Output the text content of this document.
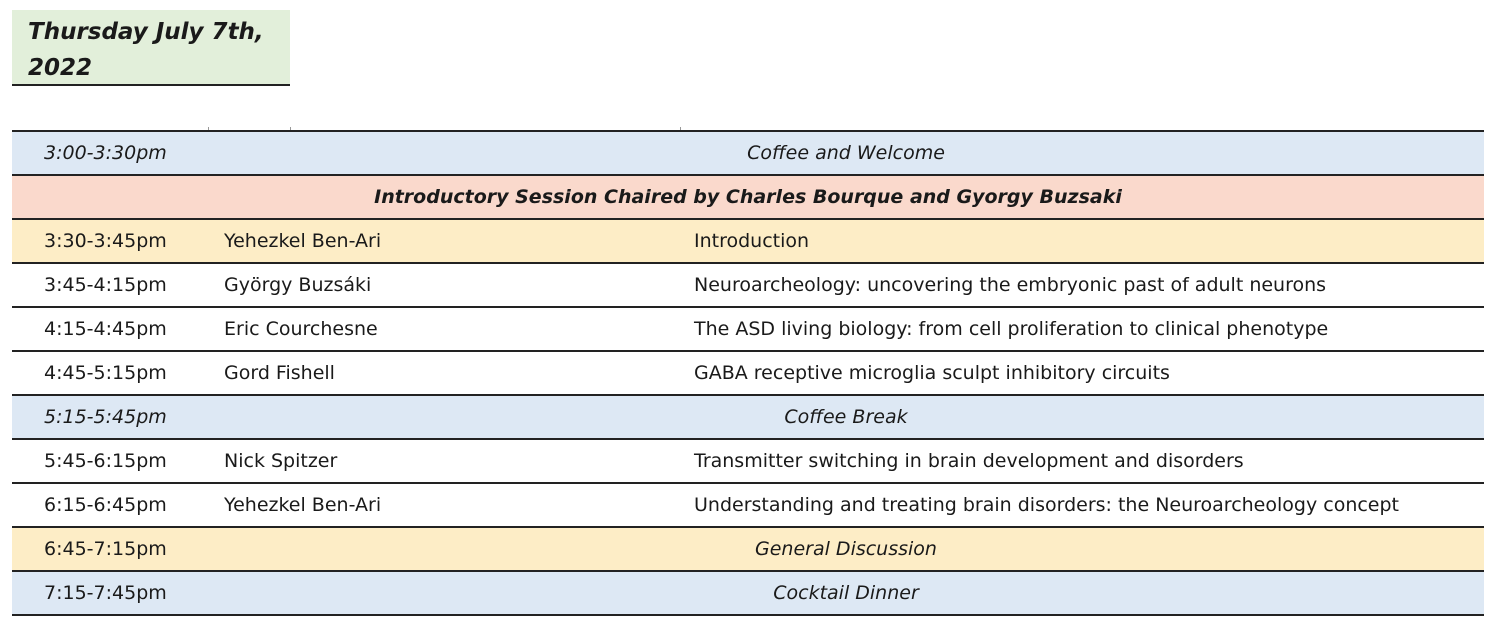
Thursday July 7th,
2022
3:00-3:30pm	Coffee and Welcome
Introductory Session Chaired by Charles Bourque and Gyorgy Buzsaki
3:30-3:45pm	Yehezkel Ben-Ari	Introduction
3:45-4:15pm	György Buzsáki	Neuroarcheology: uncovering the embryonic past of adult neurons
4:15-4:45pm	Eric Courchesne	The ASD living biology: from cell proliferation to clinical phenotype
4:45-5:15pm	Gord Fishell	GABA receptive microglia sculpt inhibitory circuits
5:15-5:45pm	Coffee Break
5:45-6:15pm	Nick Spitzer	Transmitter switching in brain development and disorders
6:15-6:45pm	Yehezkel Ben-Ari	Understanding and treating brain disorders: the Neuroarcheology concept
6:45-7:15pm	General Discussion
7:15-7:45pm	Cocktail Dinner
